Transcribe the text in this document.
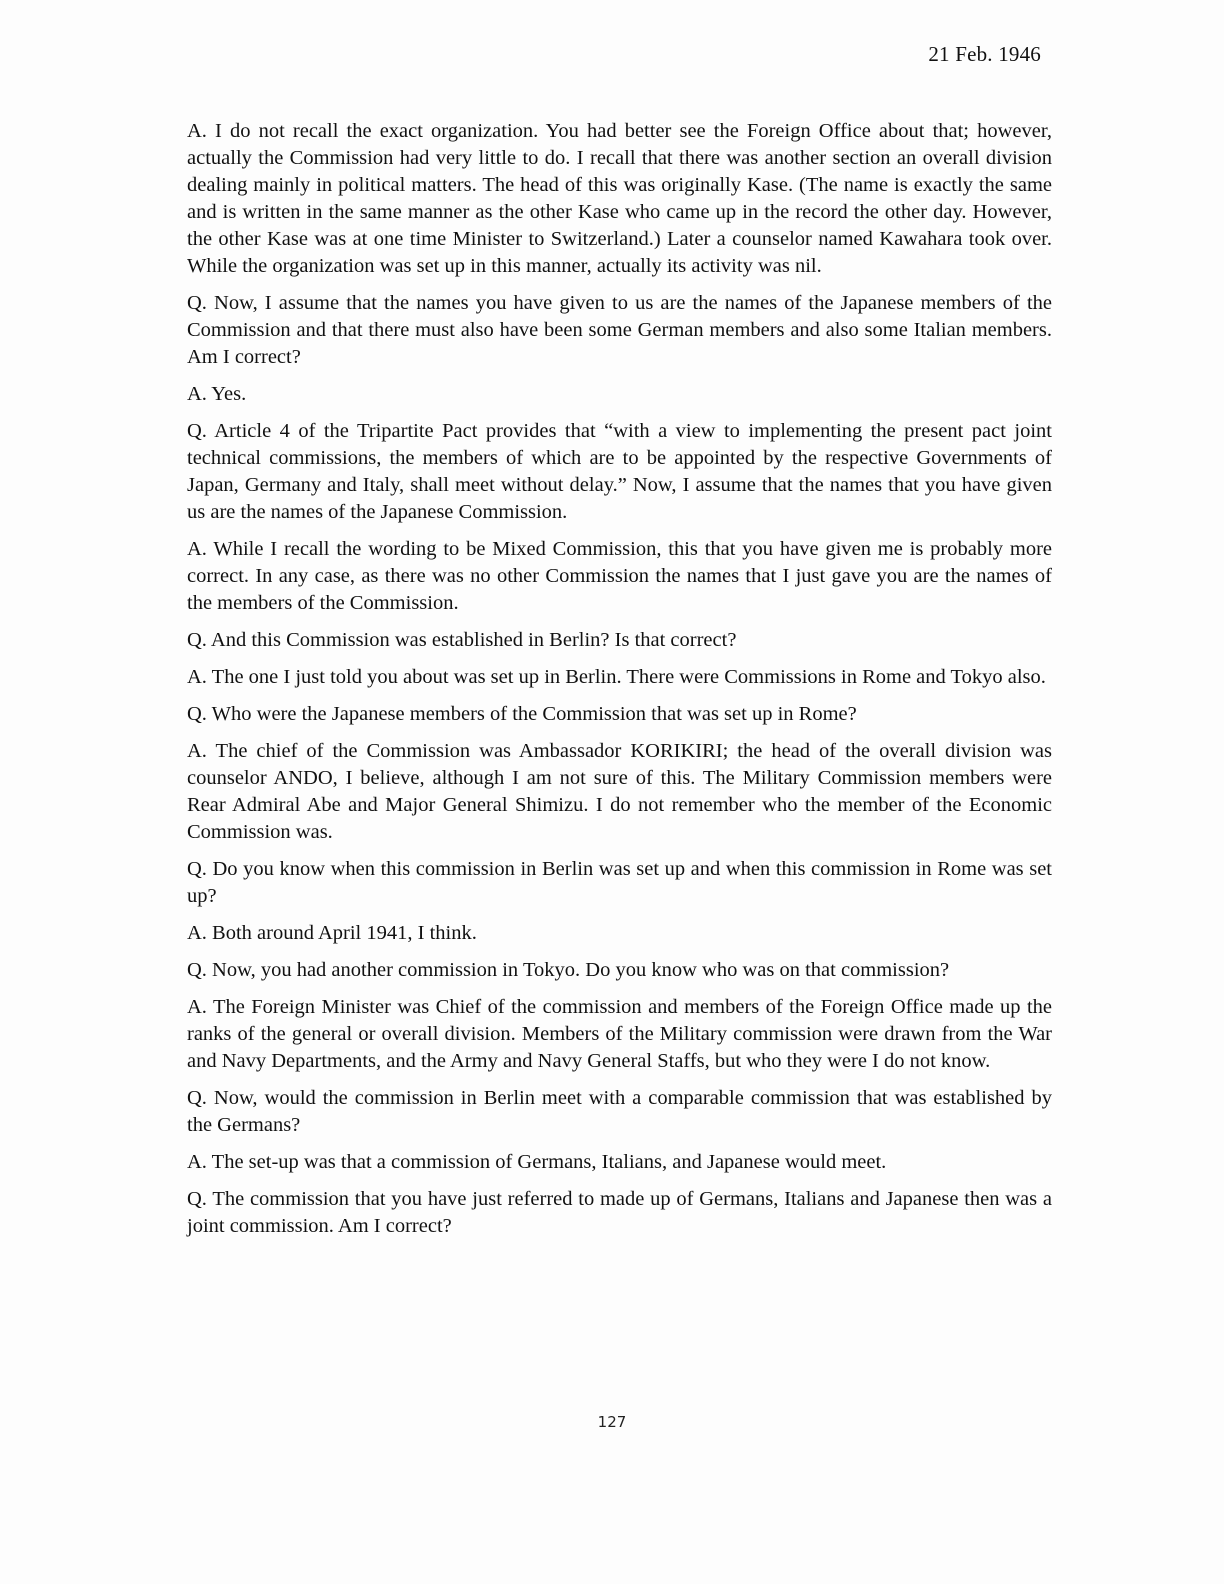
21 Feb. 1946

A. I do not recall the exact organization. You had better see the Foreign Office about that; however, actually the Commission had very little to do. I recall that there was another section an overall division dealing mainly in political matters. The head of this was originally Kase. (The name is exactly the same and is written in the same manner as the other Kase who came up in the record the other day. However, the other Kase was at one time Minister to Switzerland.) Later a counselor named Kawahara took over. While the organization was set up in this manner, actually its activity was nil.

Q. Now, I assume that the names you have given to us are the names of the Japanese members of the Commission and that there must also have been some German members and also some Italian members. Am I correct?

A. Yes.

Q. Article 4 of the Tripartite Pact provides that “with a view to implementing the present pact joint technical commissions, the members of which are to be appointed by the respective Governments of Japan, Germany and Italy, shall meet without delay.” Now, I assume that the names that you have given us are the names of the Japanese Commission.

A. While I recall the wording to be Mixed Commission, this that you have given me is probably more correct. In any case, as there was no other Commission the names that I just gave you are the names of the members of the Commission.

Q. And this Commission was established in Berlin? Is that correct?

A. The one I just told you about was set up in Berlin. There were Commissions in Rome and Tokyo also.

Q. Who were the Japanese members of the Commission that was set up in Rome?

A. The chief of the Commission was Ambassador KORIKIRI; the head of the overall division was counselor ANDO, I believe, although I am not sure of this. The Military Commission members were Rear Admiral Abe and Major General Shimizu. I do not remember who the member of the Economic Commission was.

Q. Do you know when this commission in Berlin was set up and when this commission in Rome was set up?

A. Both around April 1941, I think.

Q. Now, you had another commission in Tokyo. Do you know who was on that commission?

A. The Foreign Minister was Chief of the commission and members of the Foreign Office made up the ranks of the general or overall division. Members of the Military commission were drawn from the War and Navy Departments, and the Army and Navy General Staffs, but who they were I do not know.

Q. Now, would the commission in Berlin meet with a comparable commission that was established by the Germans?

A. The set-up was that a commission of Germans, Italians, and Japanese would meet.

Q. The commission that you have just referred to made up of Germans, Italians and Japanese then was a joint commission. Am I correct?

127
